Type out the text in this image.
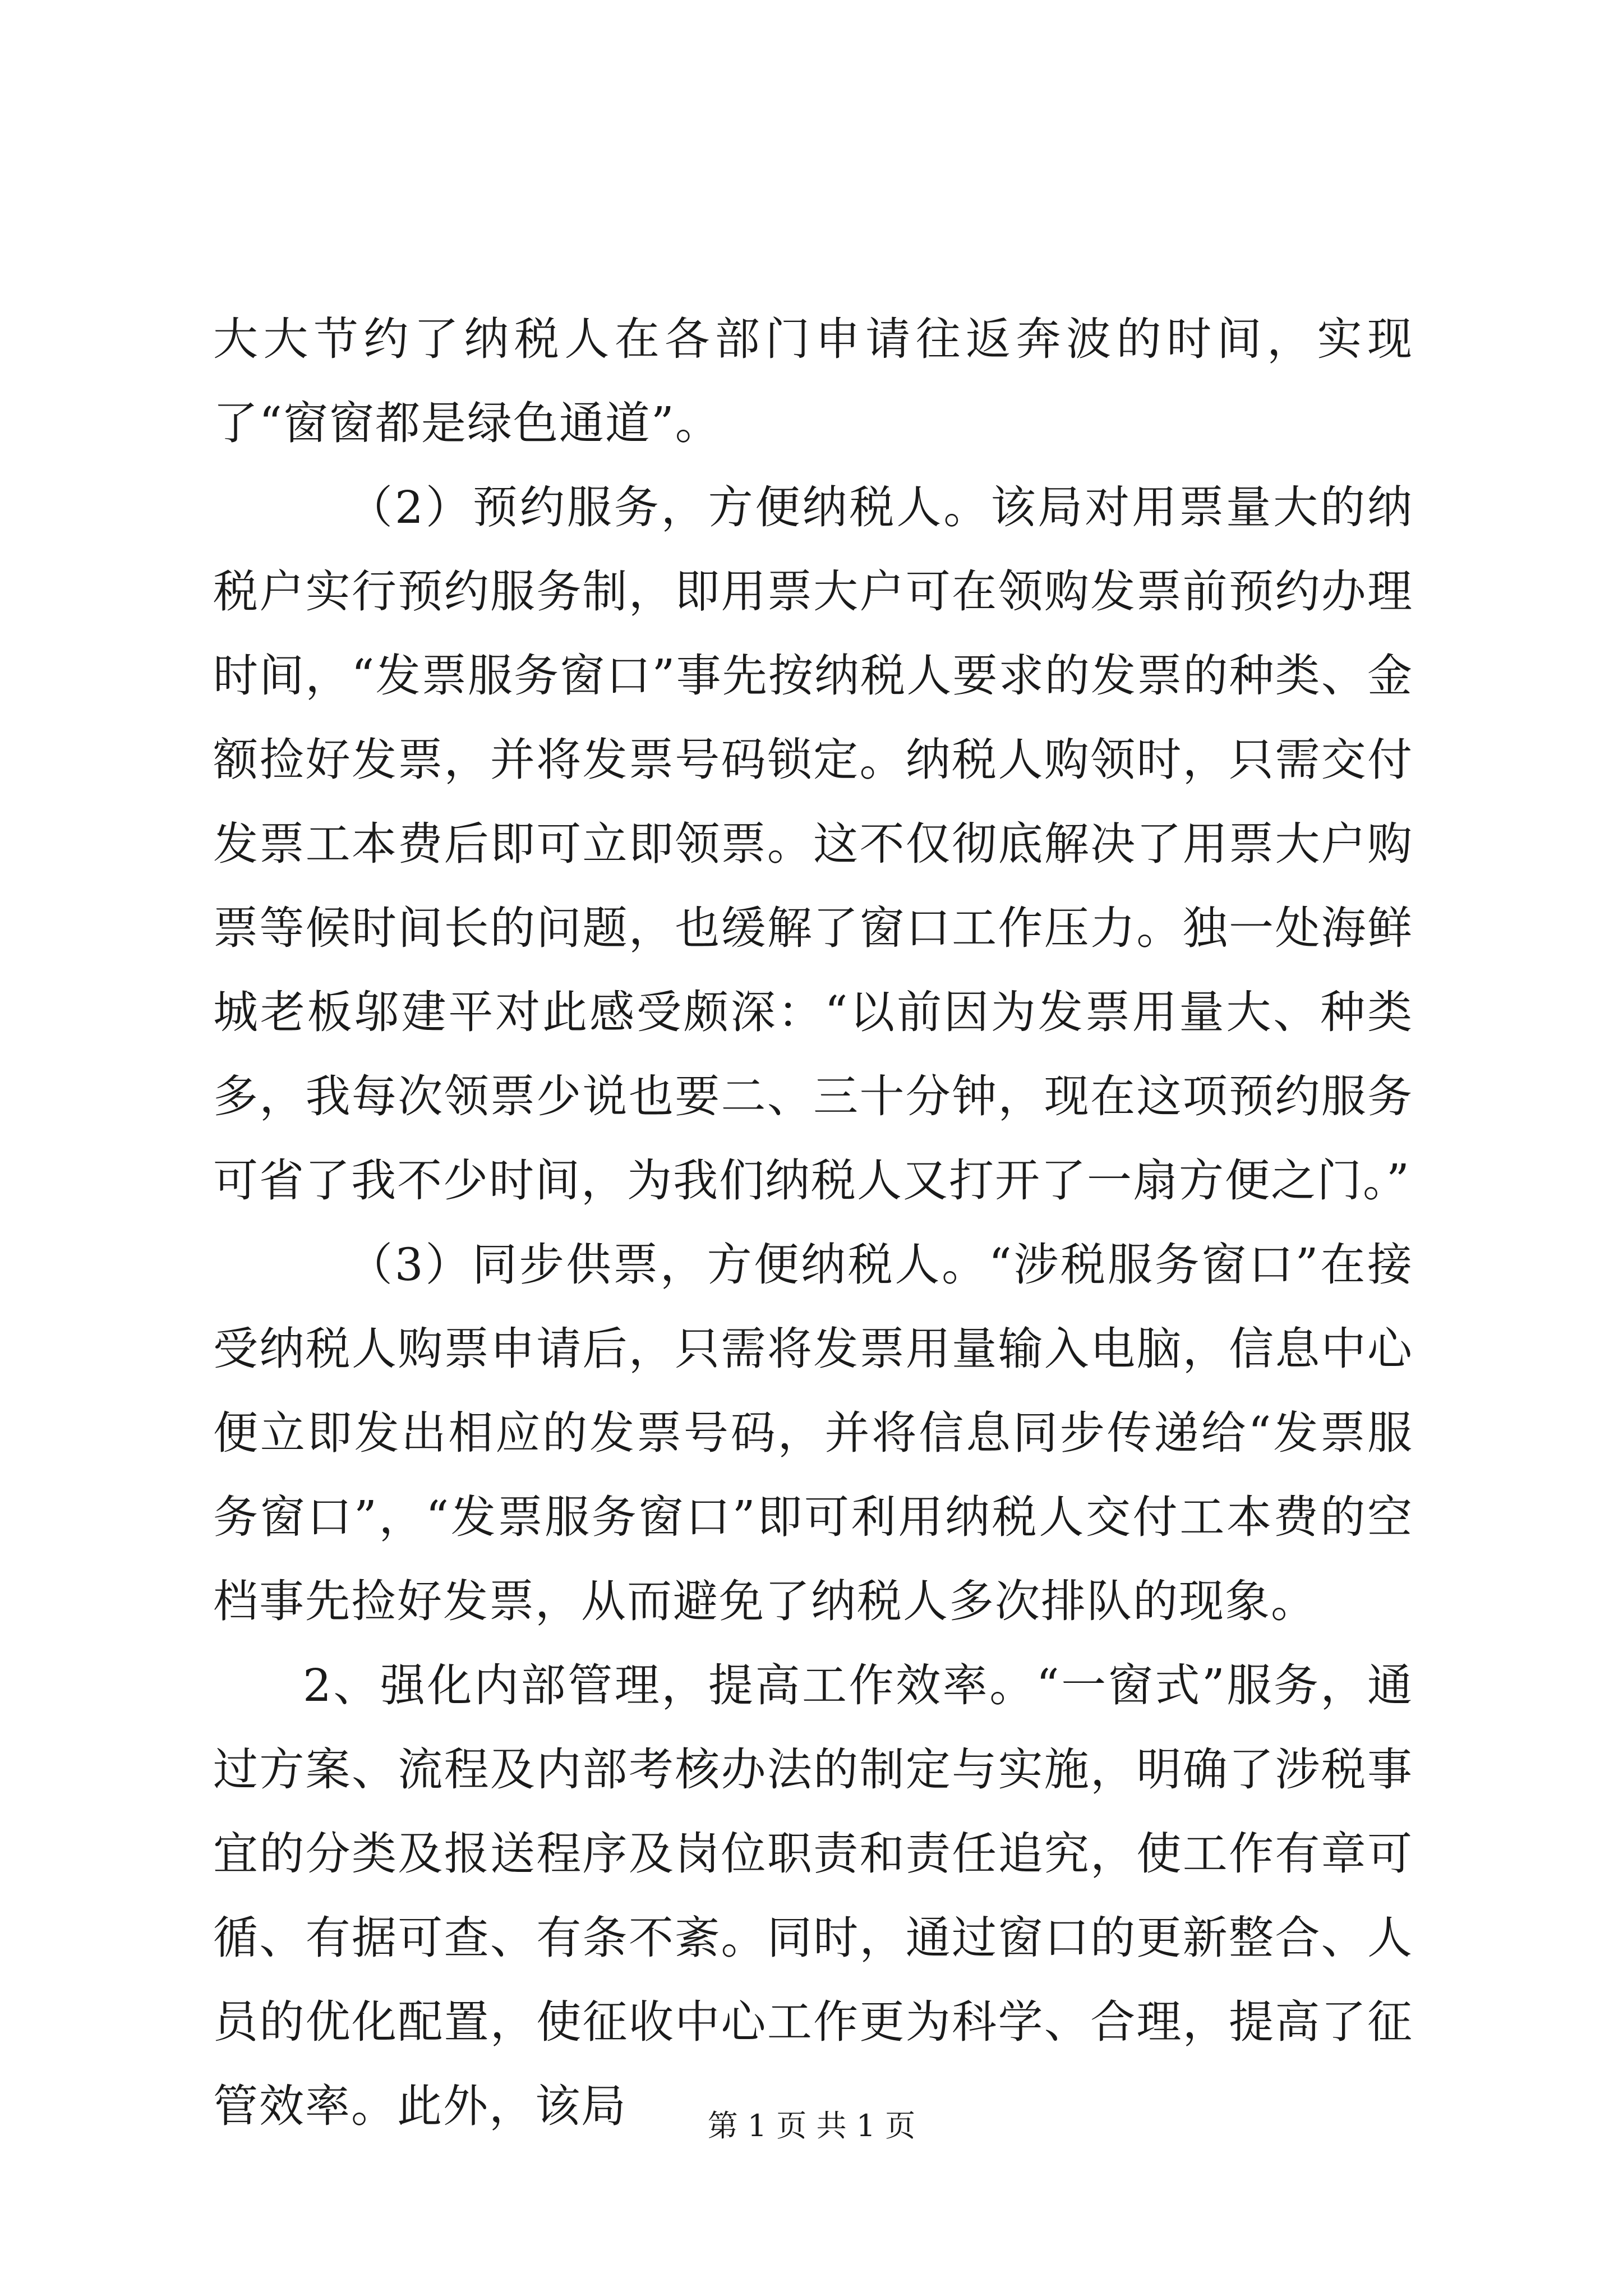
大大节约了纳税人在各部门申请往返奔波的时间，实现了“窗窗都是绿色通道”。

（2）预约服务，方便纳税人。该局对用票量大的纳税户实行预约服务制，即用票大户可在领购发票前预约办理时间，“发票服务窗口”事先按纳税人要求的发票的种类、金额捡好发票，并将发票号码锁定。纳税人购领时，只需交付发票工本费后即可立即领票。这不仅彻底解决了用票大户购票等候时间长的问题，也缓解了窗口工作压力。独一处海鲜城老板邬建平对此感受颇深：“以前因为发票用量大、种类多，我每次领票少说也要二、三十分钟，现在这项预约服务可省了我不少时间，为我们纳税人又打开了一扇方便之门。”

（3）同步供票，方便纳税人。“涉税服务窗口”在接受纳税人购票申请后，只需将发票用量输入电脑，信息中心便立即发出相应的发票号码，并将信息同步传递给“发票服务窗口”，“发票服务窗口”即可利用纳税人交付工本费的空档事先捡好发票，从而避免了纳税人多次排队的现象。

2、强化内部管理，提高工作效率。“一窗式”服务，通过方案、流程及内部考核办法的制定与实施，明确了涉税事宜的分类及报送程序及岗位职责和责任追究，使工作有章可循、有据可查、有条不紊。同时，通过窗口的更新整合、人员的优化配置，使征收中心工作更为科学、合理，提高了征管效率。此外，该局	第 1 页 共 1 页
